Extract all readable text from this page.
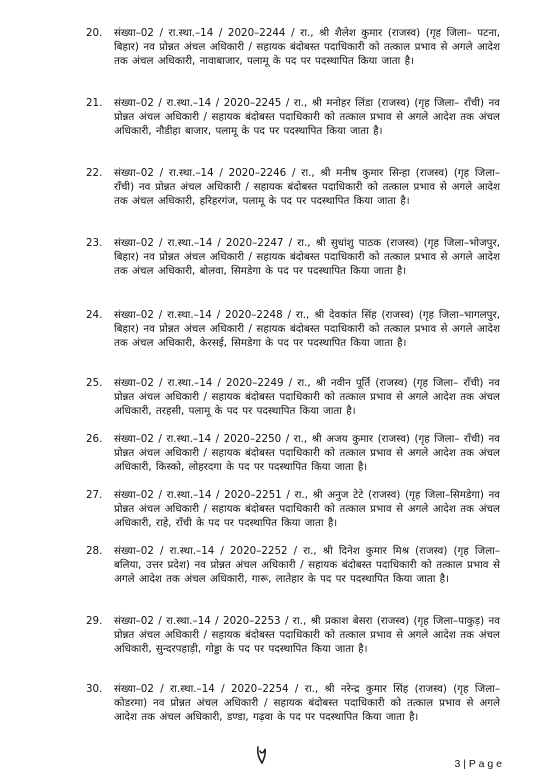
20.	संख्या–02 / रा.स्था.–14 / 2020–2244 / रा., श्री शैलेश कुमार (राजस्व) (गृह जिला– पटना, बिहार) नव प्रोन्नत अंचल अधिकारी / सहायक बंदोबस्त पदाधिकारी को तत्काल प्रभाव से अगले आदेश तक अंचल अधिकारी, नावाबाजार, पलामू के पद पर पदस्थापित किया जाता है।
21.	संख्या–02 / रा.स्था.–14 / 2020–2245 / रा., श्री मनोहर लिंडा (राजस्व) (गृह जिला– राँची) नव प्रोन्नत अंचल अधिकारी / सहायक बंदोबस्त पदाधिकारी को तत्काल प्रभाव से अगले आदेश तक अंचल अधिकारी, नौडीहा बाजार, पलामू के पद पर पदस्थापित किया जाता है।
22.	संख्या–02 / रा.स्था.–14 / 2020–2246 / रा., श्री मनीष कुमार सिन्हा (राजस्व) (गृह जिला–राँची) नव प्रोन्नत अंचल अधिकारी / सहायक बंदोबस्त पदाधिकारी को तत्काल प्रभाव से अगले आदेश तक अंचल अधिकारी, हरिहरगंज, पलामू के पद पर पदस्थापित किया जाता है।
23.	संख्या–02 / रा.स्था.–14 / 2020–2247 / रा., श्री सुधांशु पाठक (राजस्व) (गृह जिला–भोजपुर, बिहार) नव प्रोन्नत अंचल अधिकारी / सहायक बंदोबस्त पदाधिकारी को तत्काल प्रभाव से अगले आदेश तक अंचल अधिकारी, बोलवा, सिमडेगा के पद पर पदस्थापित किया जाता है।
24.	संख्या–02 / रा.स्था.–14 / 2020–2248 / रा., श्री देवकांत सिंह (राजस्व) (गृह जिला–भागलपुर, बिहार) नव प्रोन्नत अंचल अधिकारी / सहायक बंदोबस्त पदाधिकारी को तत्काल प्रभाव से अगले आदेश तक अंचल अधिकारी, केरसई, सिमडेगा के पद पर पदस्थापित किया जाता है।
25.	संख्या–02 / रा.स्था.–14 / 2020–2249 / रा., श्री नवीन पूर्ति (राजस्व) (गृह जिला– राँची) नव प्रोन्नत अंचल अधिकारी / सहायक बंदोबस्त पदाधिकारी को तत्काल प्रभाव से अगले आदेश तक अंचल अधिकारी, तरहसी, पलामू के पद पर पदस्थापित किया जाता है।
26.	संख्या–02 / रा.स्था.–14 / 2020–2250 / रा., श्री अजय कुमार (राजस्व) (गृह जिला– राँची) नव प्रोन्नत अंचल अधिकारी / सहायक बंदोबस्त पदाधिकारी को तत्काल प्रभाव से अगले आदेश तक अंचल अधिकारी, किस्को, लोहरदगा के पद पर पदस्थापित किया जाता है।
27.	संख्या–02 / रा.स्था.–14 / 2020–2251 / रा., श्री अनुज टेटे (राजस्व) (गृह जिला–सिमडेगा) नव प्रोन्नत अंचल अधिकारी / सहायक बंदोबस्त पदाधिकारी को तत्काल प्रभाव से अगले आदेश तक अंचल अधिकारी, राहे, राँची के पद पर पदस्थापित किया जाता है।
28.	संख्या–02 / रा.स्था.–14 / 2020–2252 / रा., श्री दिनेश कुमार मिश्र (राजस्व) (गृह जिला–बलिया, उत्तर प्रदेश) नव प्रोन्नत अंचल अधिकारी / सहायक बंदोबस्त पदाधिकारी को तत्काल प्रभाव से अगले आदेश तक अंचल अधिकारी, गारू, लातेहार के पद पर पदस्थापित किया जाता है।
29.	संख्या–02 / रा.स्था.–14 / 2020–2253 / रा., श्री प्रकाश बेसरा (राजस्व) (गृह जिला–पाकुड़) नव प्रोन्नत अंचल अधिकारी / सहायक बंदोबस्त पदाधिकारी को तत्काल प्रभाव से अगले आदेश तक अंचल अधिकारी, सुन्दरपहाड़ी, गोड्डा के पद पर पदस्थापित किया जाता है।
30.	संख्या–02 / रा.स्था.–14 / 2020–2254 / रा., श्री नरेन्द्र कुमार सिंह (राजस्व) (गृह जिला–कोडरमा) नव प्रोन्नत अंचल अधिकारी / सहायक बंदोबस्त पदाधिकारी को तत्काल प्रभाव से अगले आदेश तक अंचल अधिकारी, डण्डा, गढ़वा के पद पर पदस्थापित किया जाता है।
3 | P a g e
